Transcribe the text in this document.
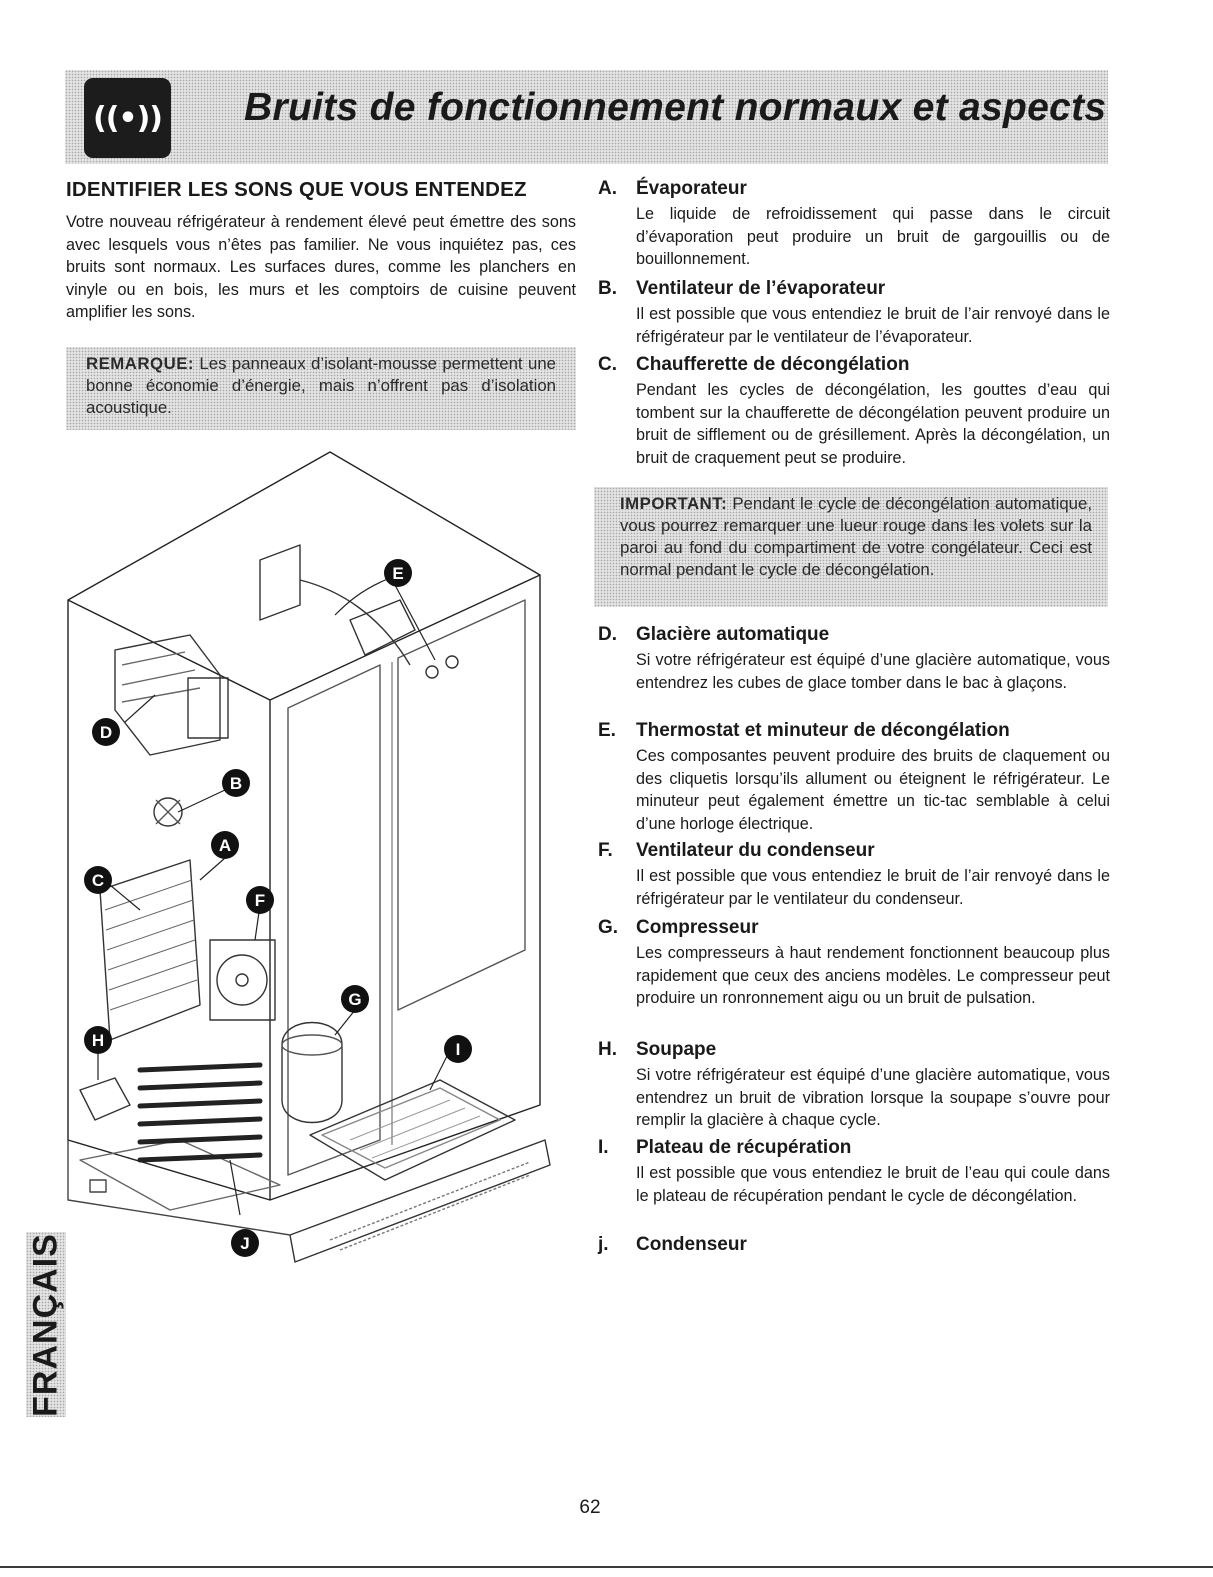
((•)) Bruits de fonctionnement normaux et aspects
IDENTIFIER LES SONS QUE VOUS ENTENDEZ

Votre nouveau réfrigérateur à rendement élevé peut émettre des sons avec lesquels vous n’êtes pas familier. Ne vous inquiétez pas, ces bruits sont normaux. Les surfaces dures, comme les planchers en vinyle ou en bois, les murs et les comptoirs de cuisine peuvent amplifier les sons.

REMARQUE: Les panneaux d’isolant-mousse permettent une bonne économie d’énergie, mais n’offrent pas d’isolation acoustique.
A
B
C
D
E
F
G
H	I
J
A.	Évaporateur
Le liquide de refroidissement qui passe dans le circuit d’évaporation peut produire un bruit de gargouillis ou de bouillonnement.
B.	Ventilateur de l’évaporateur
Il est possible que vous entendiez le bruit de l’air renvoyé dans le réfrigérateur par le ventilateur de l’évaporateur.
C.	Chaufferette de décongélation
Pendant les cycles de décongélation, les gouttes d’eau qui tombent sur la chaufferette de décongélation peuvent produire un bruit de sifflement ou de grésillement. Après la décongélation, un bruit de craquement peut se produire.
IMPORTANT: Pendant le cycle de décongélation automatique, vous pourrez remarquer une lueur rouge dans les volets sur la paroi au fond du compartiment de votre congélateur. Ceci est normal pendant le cycle de décongélation.
D.	Glacière automatique
Si votre réfrigérateur est équipé d’une glacière automatique, vous entendrez les cubes de glace tomber dans le bac à glaçons.
E.	Thermostat et minuteur de décongélation
Ces composantes peuvent produire des bruits de claquement ou des cliquetis lorsqu’ils allument ou éteignent le réfrigérateur. Le minuteur peut également émettre un tic-tac semblable à celui d’une horloge électrique.
F.	Ventilateur du condenseur
Il est possible que vous entendiez le bruit de l’air renvoyé dans le réfrigérateur par le ventilateur du condenseur.
G. Compresseur
Les compresseurs à haut rendement fonctionnent beaucoup plus rapidement que ceux des anciens modèles. Le compresseur peut produire un ronronnement aigu ou un bruit de pulsation.
H.	Soupape
Si votre réfrigérateur est équipé d’une glacière automatique, vous entendrez un bruit de vibration lorsque la soupape s’ouvre pour remplir la glacière à chaque cycle.
I.	Plateau de récupération
Il est possible que vous entendiez le bruit de l’eau qui coule dans le plateau de récupération pendant le cycle de décongélation.
j.	Condenseur
FRANÇAIS
62
